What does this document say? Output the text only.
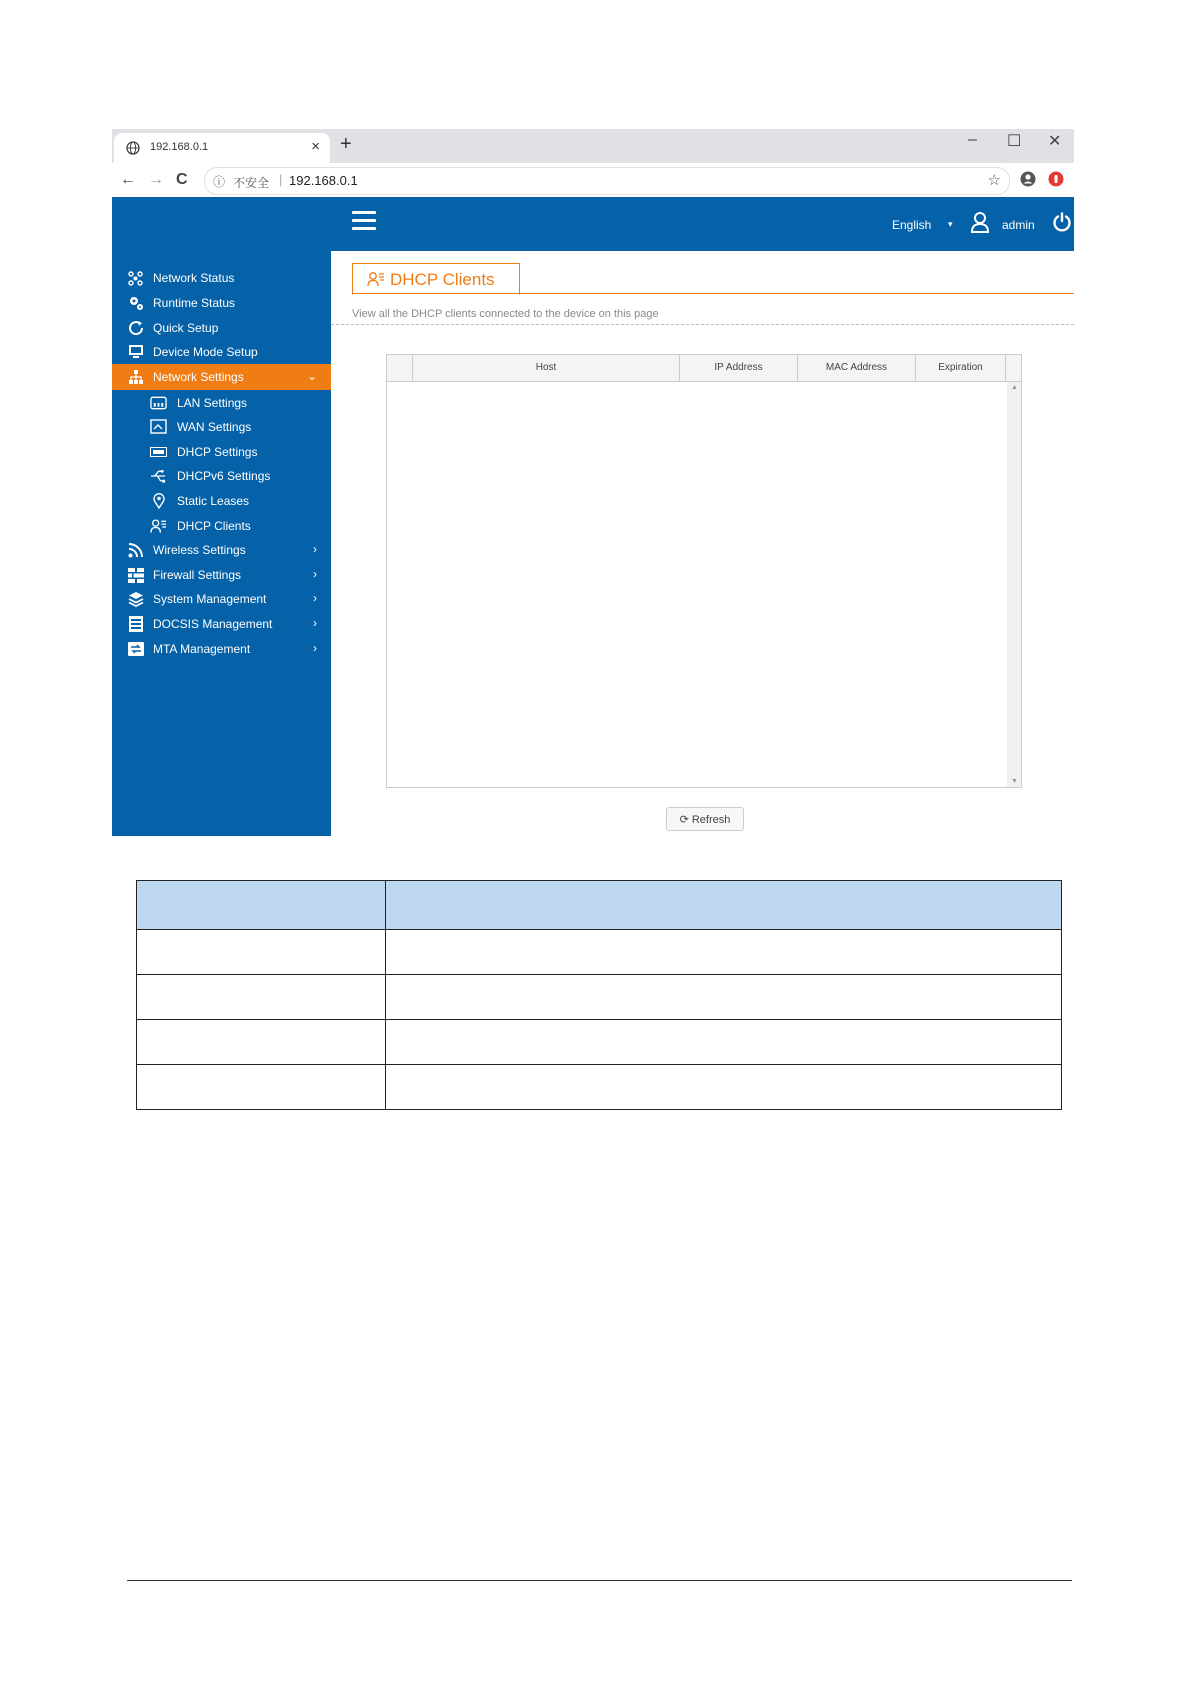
192.168.0.1	× +	– ☐ ✕
← → C ⓘ 不安全 | 192.168.0.1	☆
English ▾	admin
Network Status
Runtime Status
Quick Setup
Device Mode Setup
Network Settings	⌄
LAN Settings
WAN Settings
DHCP Settings
DHCPv6 Settings
Static Leases
DHCP Clients
Wireless Settings	›
Firewall Settings	›
System Management	›
DOCSIS Management	›
MTA Management	›
DHCP Clients
View all the DHCP clients connected to the device on this page
Host	IP Address	MAC Address	Expiration
▲
▼
⟳ Refresh
